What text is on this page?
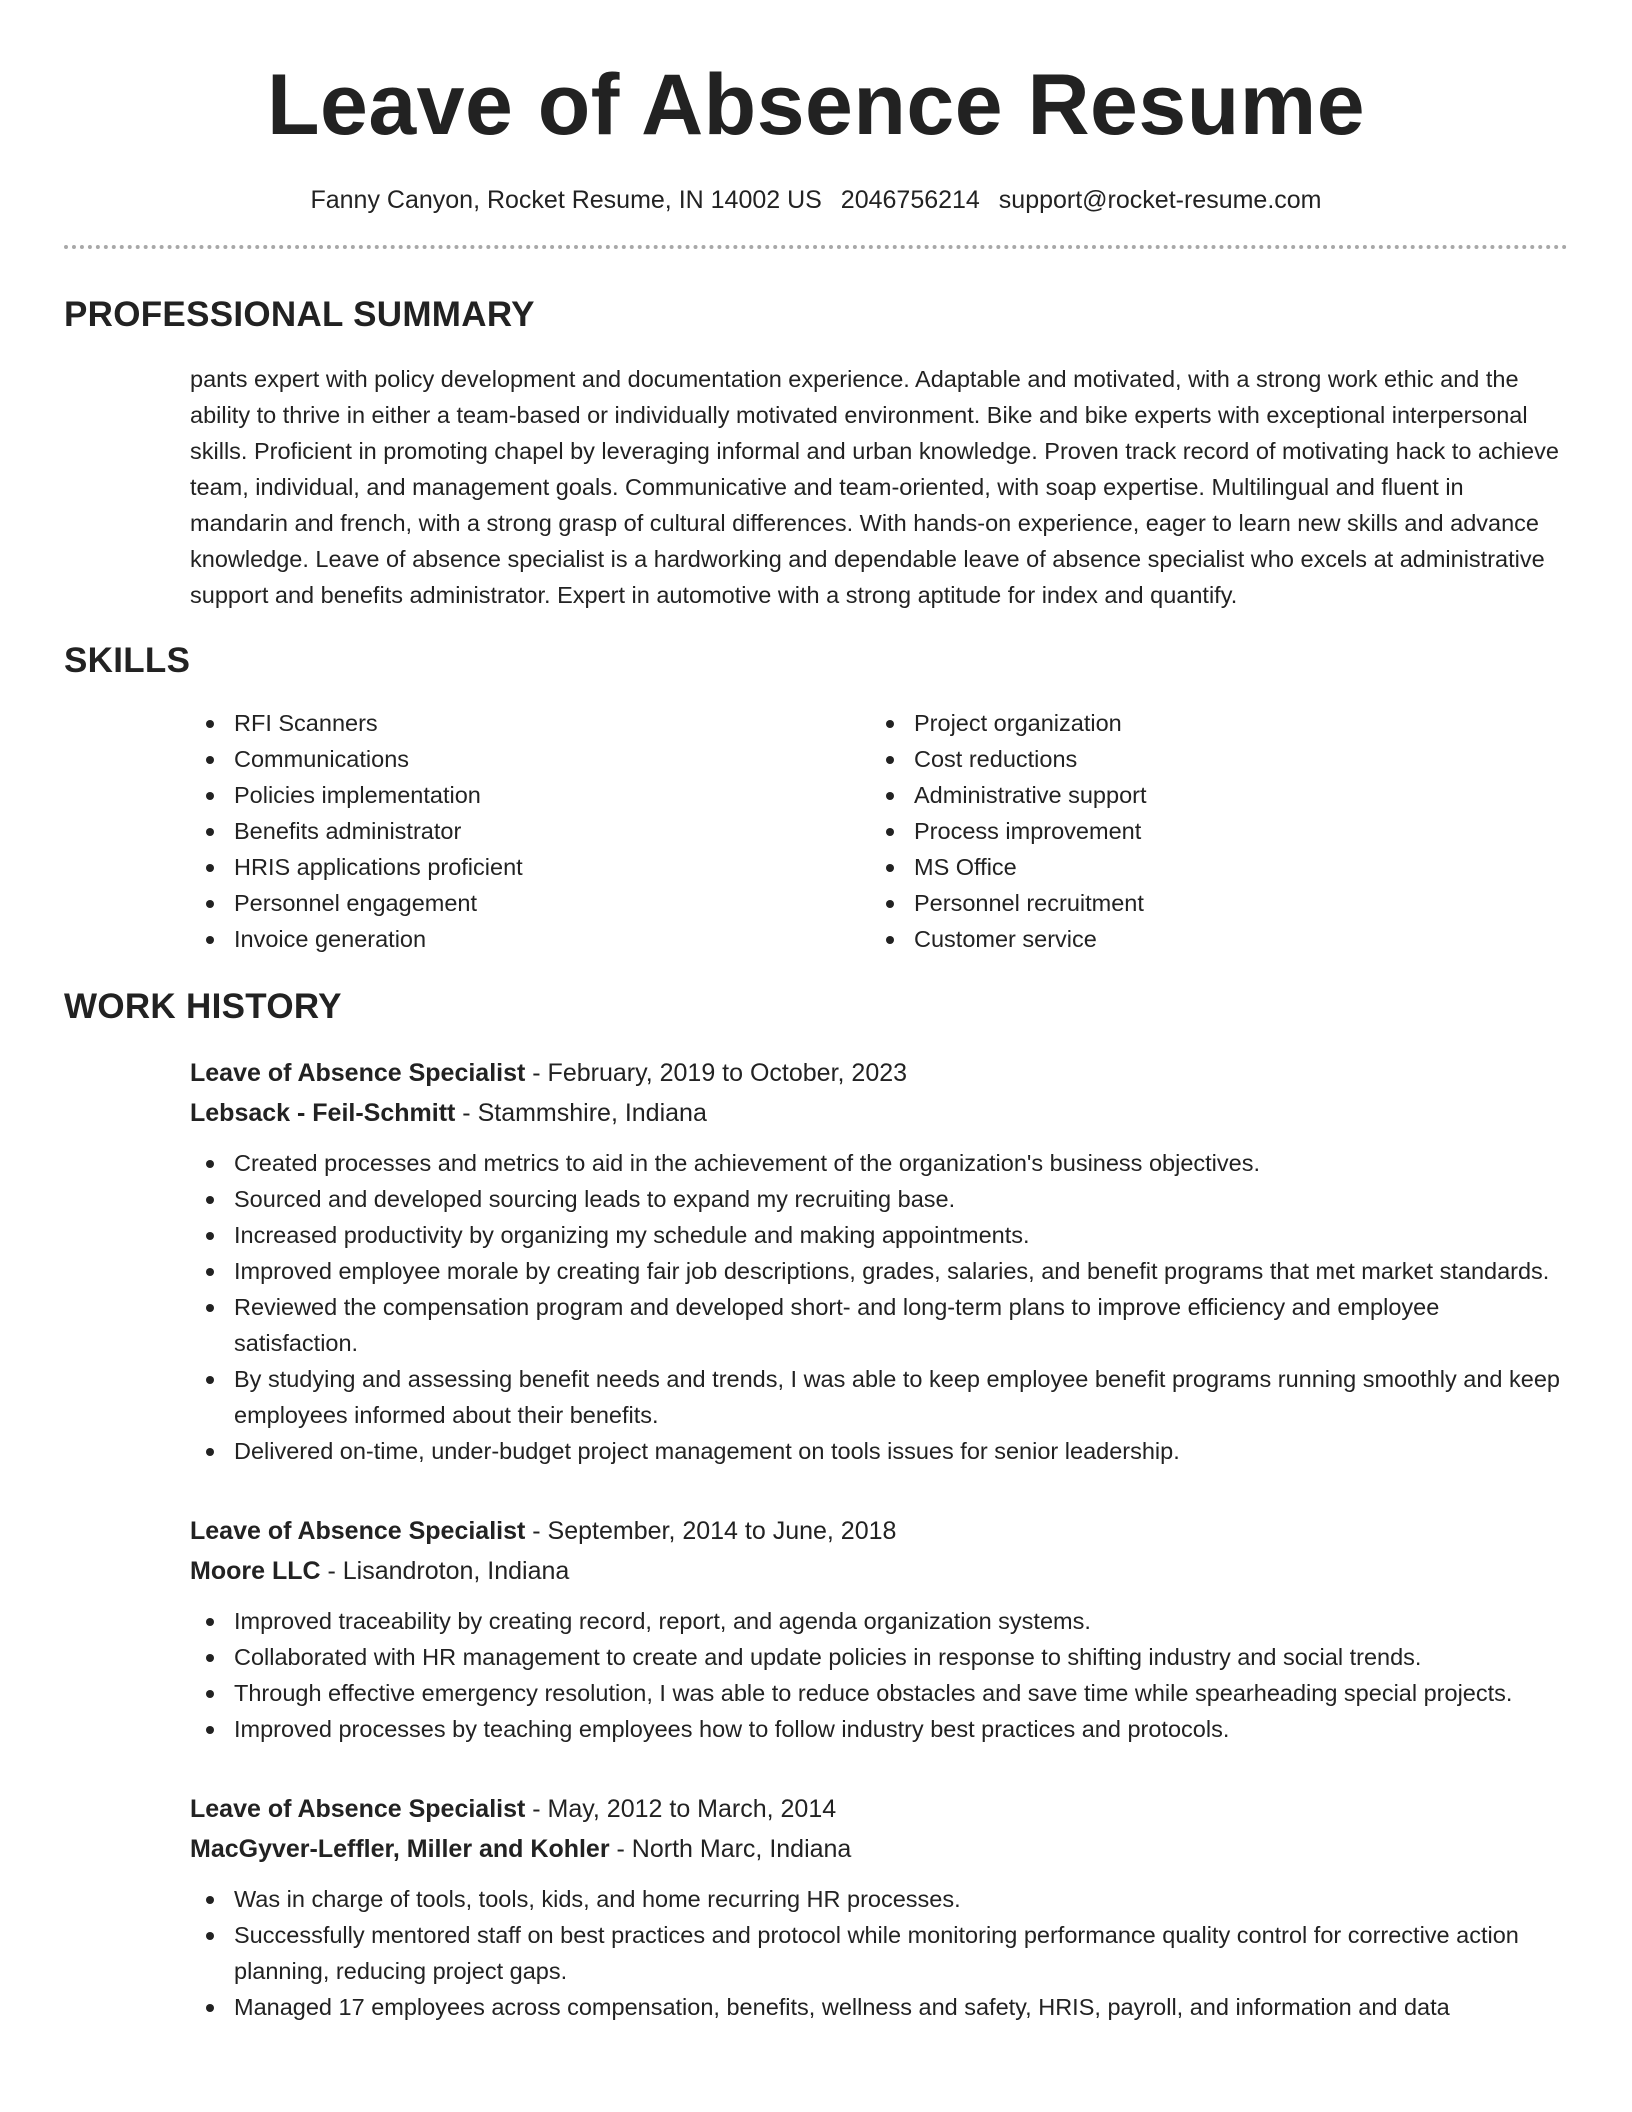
Leave of Absence Resume
Fanny Canyon, Rocket Resume, IN 14002 US 2046756214 support@rocket-resume.com
PROFESSIONAL SUMMARY
pants expert with policy development and documentation experience. Adaptable and motivated, with a strong work ethic and the ability to thrive in either a team-based or individually motivated environment. Bike and bike experts with exceptional interpersonal skills. Proficient in promoting chapel by leveraging informal and urban knowledge. Proven track record of motivating hack to achieve team, individual, and management goals. Communicative and team-oriented, with soap expertise. Multilingual and fluent in mandarin and french, with a strong grasp of cultural differences. With hands-on experience, eager to learn new skills and advance knowledge. Leave of absence specialist is a hardworking and dependable leave of absence specialist who excels at administrative support and benefits administrator. Expert in automotive with a strong aptitude for index and quantify.
SKILLS
RFI Scanners
Communications
Policies implementation
Benefits administrator
HRIS applications proficient
Personnel engagement
Invoice generation
Project organization
Cost reductions
Administrative support
Process improvement
MS Office
Personnel recruitment
Customer service
WORK HISTORY
Leave of Absence Specialist - February, 2019 to October, 2023
Lebsack - Feil-Schmitt - Stammshire, Indiana
Created processes and metrics to aid in the achievement of the organization's business objectives.
Sourced and developed sourcing leads to expand my recruiting base.
Increased productivity by organizing my schedule and making appointments.
Improved employee morale by creating fair job descriptions, grades, salaries, and benefit programs that met market standards.
Reviewed the compensation program and developed short- and long-term plans to improve efficiency and employee satisfaction.
By studying and assessing benefit needs and trends, I was able to keep employee benefit programs running smoothly and keep employees informed about their benefits.
Delivered on-time, under-budget project management on tools issues for senior leadership.
Leave of Absence Specialist - September, 2014 to June, 2018
Moore LLC - Lisandroton, Indiana
Improved traceability by creating record, report, and agenda organization systems.
Collaborated with HR management to create and update policies in response to shifting industry and social trends.
Through effective emergency resolution, I was able to reduce obstacles and save time while spearheading special projects.
Improved processes by teaching employees how to follow industry best practices and protocols.
Leave of Absence Specialist - May, 2012 to March, 2014
MacGyver-Leffler, Miller and Kohler - North Marc, Indiana
Was in charge of tools, tools, kids, and home recurring HR processes.
Successfully mentored staff on best practices and protocol while monitoring performance quality control for corrective action planning, reducing project gaps.
Managed 17 employees across compensation, benefits, wellness and safety, HRIS, payroll, and information and data
